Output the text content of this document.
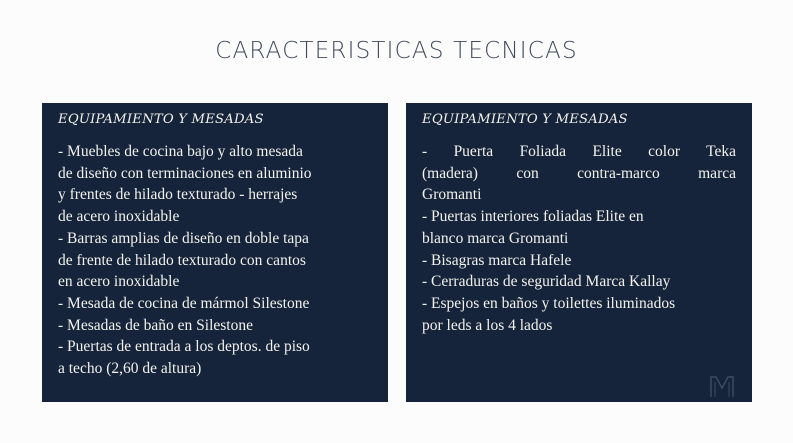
CARACTERISTICAS TECNICAS
EQUIPAMIENTO Y MESADAS
- Muebles de cocina bajo y alto mesada
de diseño con terminaciones en aluminio
y frentes de hilado texturado - herrajes
de acero inoxidable
- Barras amplias de diseño en doble tapa
de frente de hilado texturado con cantos
en acero inoxidable
- Mesada de cocina de mármol Silestone
- Mesadas de baño en Silestone
- Puertas de entrada a los deptos. de piso
a techo (2,60 de altura)
EQUIPAMIENTO Y MESADAS
- Puerta Foliada Elite color Teka
(madera) con contra-marco marca
Gromanti
- Puertas interiores foliadas Elite en
blanco marca Gromanti
- Bisagras marca Hafele
- Cerraduras de seguridad Marca Kallay
- Espejos en baños y toilettes iluminados
por leds a los 4 lados
